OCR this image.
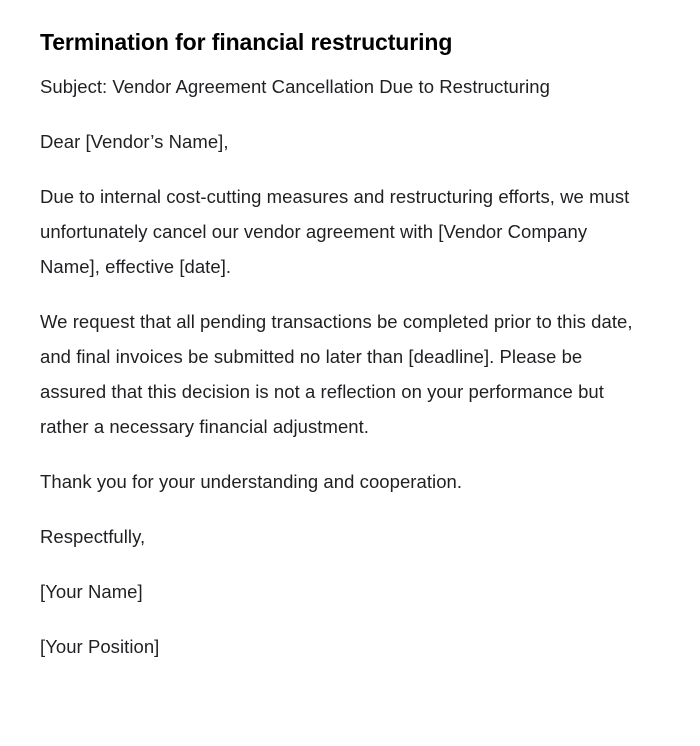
Termination for financial restructuring

Subject: Vendor Agreement Cancellation Due to Restructuring

Dear [Vendor’s Name],

Due to internal cost-cutting measures and restructuring efforts, we must unfortunately cancel our vendor agreement with [Vendor Company Name], effective [date].

We request that all pending transactions be completed prior to this date, and final invoices be submitted no later than [deadline]. Please be assured that this decision is not a reflection on your performance but rather a necessary financial adjustment.

Thank you for your understanding and cooperation.

Respectfully,

[Your Name]

[Your Position]
